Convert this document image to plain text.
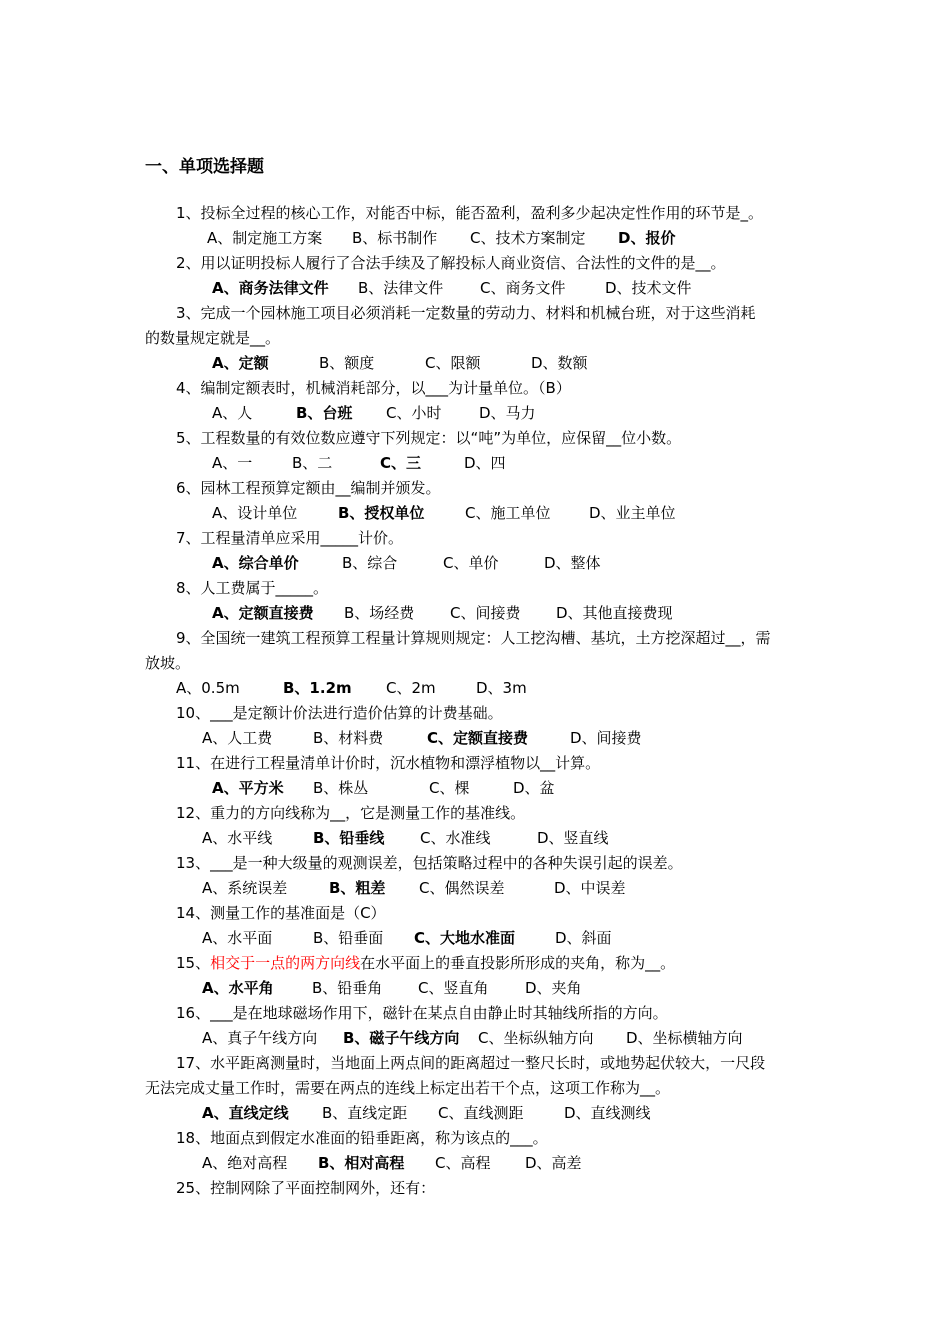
一、单项选择题
1、投标全过程的核心工作，对能否中标，能否盈利，盈利多少起决定性作用的环节是_。
A、制定施工方案 B、标书制作 C、技术方案制定 D、报价
2、用以证明投标人履行了合法手续及了解投标人商业资信、合法性的文件的是__。
A、商务法律文件 B、法律文件 C、商务文件	D、技术文件
3、完成一个园林施工项目必须消耗一定数量的劳动力、材料和机械台班，对于这些消耗
的数量规定就是__。
A、定额	B、额度	C、限额	D、数额
4、编制定额表时，机械消耗部分，以___为计量单位。（B）
A、人	B、台班 C、小时	D、马力
5、工程数量的有效位数应遵守下列规定：以“吨”为单位，应保留__位小数。
A、一	B、二	C、三	D、四
6、园林工程预算定额由__编制并颁发。
A、设计单位	B、授权单位	C、施工单位	D、业主单位
7、工程量清单应采用_____计价。
A、综合单价	B、综合	C、单价	D、整体
8、人工费属于_____。
A、定额直接费 B、场经费 C、间接费 D、其他直接费现
9、全国统一建筑工程预算工程量计算规则规定：人工挖沟槽、基坑，土方挖深超过__，需
放坡。
A、0.5m	B、1.2m C、2m	D、3m
10、___是定额计价法进行造价估算的计费基础。
A、人工费	B、材料费	C、定额直接费	D、间接费
11、在进行工程量清单计价时，沉水植物和漂浮植物以__计算。
A、平方米 B、株丛	C、棵	D、盆
12、重力的方向线称为__，它是测量工作的基准线。
A、水平线	B、铅垂线 C、水准线	D、竖直线
13、___是一种大级量的观测误差，包括策略过程中的各种失误引起的误差。
A、系统误差	B、粗差 C、偶然误差	D、中误差
14、测量工作的基准面是（C）
A、水平面	B、铅垂面 C、大地水准面	D、斜面
15、相交于一点的两方向线在水平面上的垂直投影所形成的夹角，称为__。
A、水平角	B、铅垂角 C、竖直角 D、夹角
16、___是在地球磁场作用下，磁针在某点自由静止时其轴线所指的方向。
A、真子午线方向 B、磁子午线方向 C、坐标纵轴方向 D、坐标横轴方向
17、水平距离测量时，当地面上两点间的距离超过一整尺长时，或地势起伏较大，一尺段
无法完成丈量工作时，需要在两点的连线上标定出若干个点，这项工作称为__。
A、直线定线 B、直线定距 C、直线测距	D、直线测线
18、地面点到假定水准面的铅垂距离，称为该点的___。
A、绝对高程 B、相对高程 C、高程 D、高差
25、控制网除了平面控制网外，还有：
